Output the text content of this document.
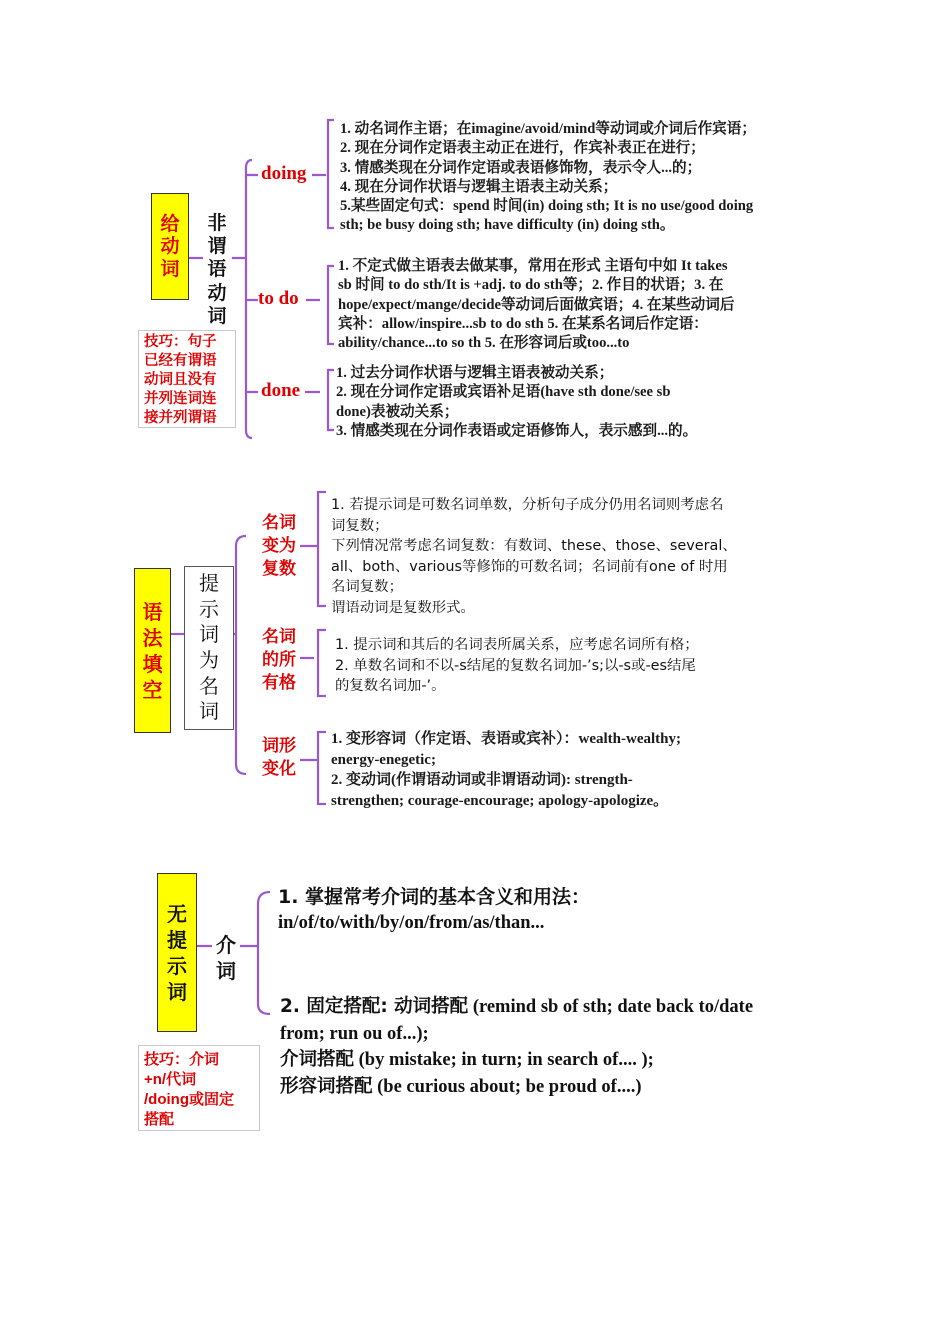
给
动
词
非
谓
语
动
词
技巧：句子
已经有谓语
动词且没有
并列连词连
接并列谓语
doing
1. 动名词作主语；在imagine/avoid/mind等动词或介词后作宾语；
2. 现在分词作定语表主动正在进行，作宾补表正在进行；
3. 情感类现在分词作定语或表语修饰物，表示令人...的；
4. 现在分词作状语与逻辑主语表主动关系；
5.某些固定句式：spend 时间(in) doing sth; It is no use/good doing
sth; be busy doing sth; have difficulty (in) doing sth。
to do
1. 不定式做主语表去做某事，常用在形式 主语句中如 It takes
sb 时间 to do sth/It is +adj. to do sth等；2. 作目的状语；3. 在
hope/expect/mange/decide等动词后面做宾语；4. 在某些动词后
宾补：allow/inspire...sb to do sth 5. 在某系名词后作定语：
ability/chance...to so th 5. 在形容词后或too...to
done
1. 过去分词作状语与逻辑主语表被动关系；
2. 现在分词作定语或宾语补足语(have sth done/see sb
done)表被动关系；
3. 情感类现在分词作表语或定语修饰人，表示感到...的。
语
法
填
空
提
示
词
为
名
词
名词
变为
复数
1. 若提示词是可数名词单数，分析句子成分仍用名词则考虑名
词复数；
下列情况常考虑名词复数：有数词、these、those、several、
all、both、various等修饰的可数名词；名词前有one of 时用
名词复数；
谓语动词是复数形式。
名词
的所
有格
1. 提示词和其后的名词表所属关系，应考虑名词所有格；
2. 单数名词和不以-s结尾的复数名词加-’s;以-s或-es结尾
的复数名词加-’。
词形
变化
1. 变形容词（作定语、表语或宾补）：wealth-wealthy;
energy-enegetic;
2. 变动词(作谓语动词或非谓语动词): strength-
strengthen; courage-encourage; apology-apologize。
无
提
示
词
介
词
技巧：介词
+n/代词
/doing或固定
搭配
1. 掌握常考介词的基本含义和用法：
in/of/to/with/by/on/from/as/than...
2. 固定搭配: 动词搭配 (remind sb of sth; date back to/date
from; run ou of...);
介词搭配 (by mistake; in turn; in search of.... );
形容词搭配 (be curious about; be proud of....)
